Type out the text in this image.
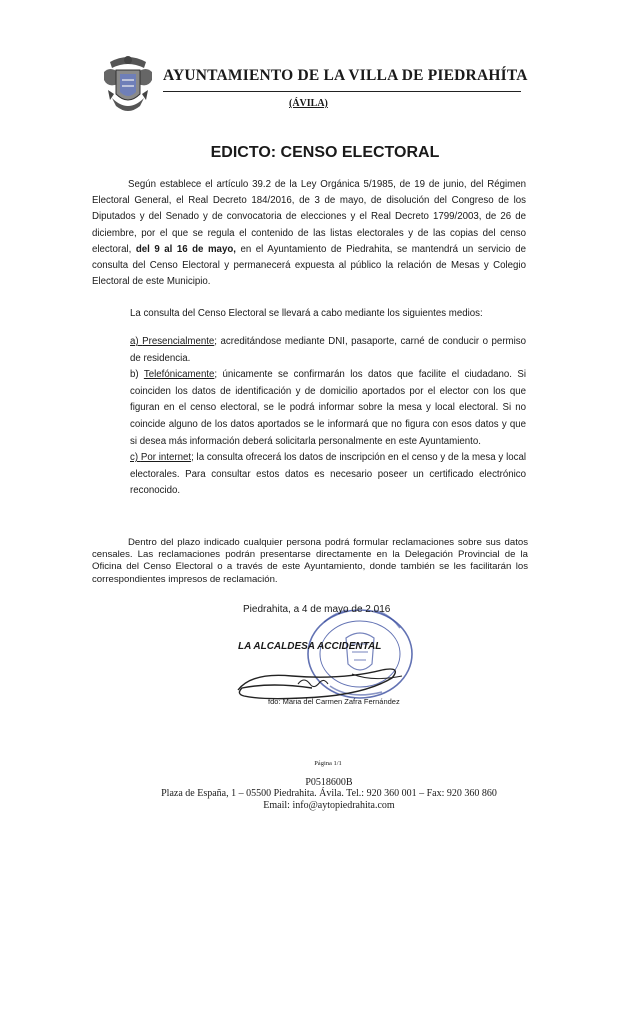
AYUNTAMIENTO DE LA VILLA DE PIEDRAHÍTA
(ÁVILA)
EDICTO: CENSO ELECTORAL
Según establece el artículo 39.2 de la Ley Orgánica 5/1985, de 19 de junio, del Régimen Electoral General, el Real Decreto 184/2016, de 3 de mayo, de disolución del Congreso de los Diputados y del Senado y de convocatoria de elecciones y el Real Decreto 1799/2003, de 26 de diciembre, por el que se regula el contenido de las listas electorales y de las copias del censo electoral, del 9 al 16 de mayo, en el Ayuntamiento de Piedrahita, se mantendrá un servicio de consulta del Censo Electoral y permanecerá expuesta al público la relación de Mesas y Colegio Electoral de este Municipio.
La consulta del Censo Electoral se llevará a cabo mediante los siguientes medios:

a) Presencialmente; acreditándose mediante DNI, pasaporte, carné de conducir o permiso de residencia.

b) Telefónicamente; únicamente se confirmarán los datos que facilite el ciudadano. Si coinciden los datos de identificación y de domicilio aportados por el elector con los que figuran en el censo electoral, se le podrá informar sobre la mesa y local electoral. Si no coincide alguno de los datos aportados se le informará que no figura con esos datos y que si desea más información deberá solicitarla personalmente en este Ayuntamiento.

c) Por internet; la consulta ofrecerá los datos de inscripción en el censo y de la mesa y local electorales. Para consultar estos datos es necesario poseer un certificado electrónico reconocido.

Dentro del plazo indicado cualquier persona podrá formular reclamaciones sobre sus datos censales. Las reclamaciones podrán presentarse directamente en la Delegación Provincial de la Oficina del Censo Electoral o a través de este Ayuntamiento, donde también se les facilitarán los correspondientes impresos de reclamación.
Piedrahita, a 4 de mayo de 2.016
LA ALCALDESA ACCIDENTAL
fdo: Maria del Carmen Zafra Fernández
Página 1/1
P0518600B
Plaza de España, 1 – 05500 Piedrahita. Ávila. Tel.: 920 360 001 – Fax: 920 360 860
Email: info@aytopiedrahita.com
